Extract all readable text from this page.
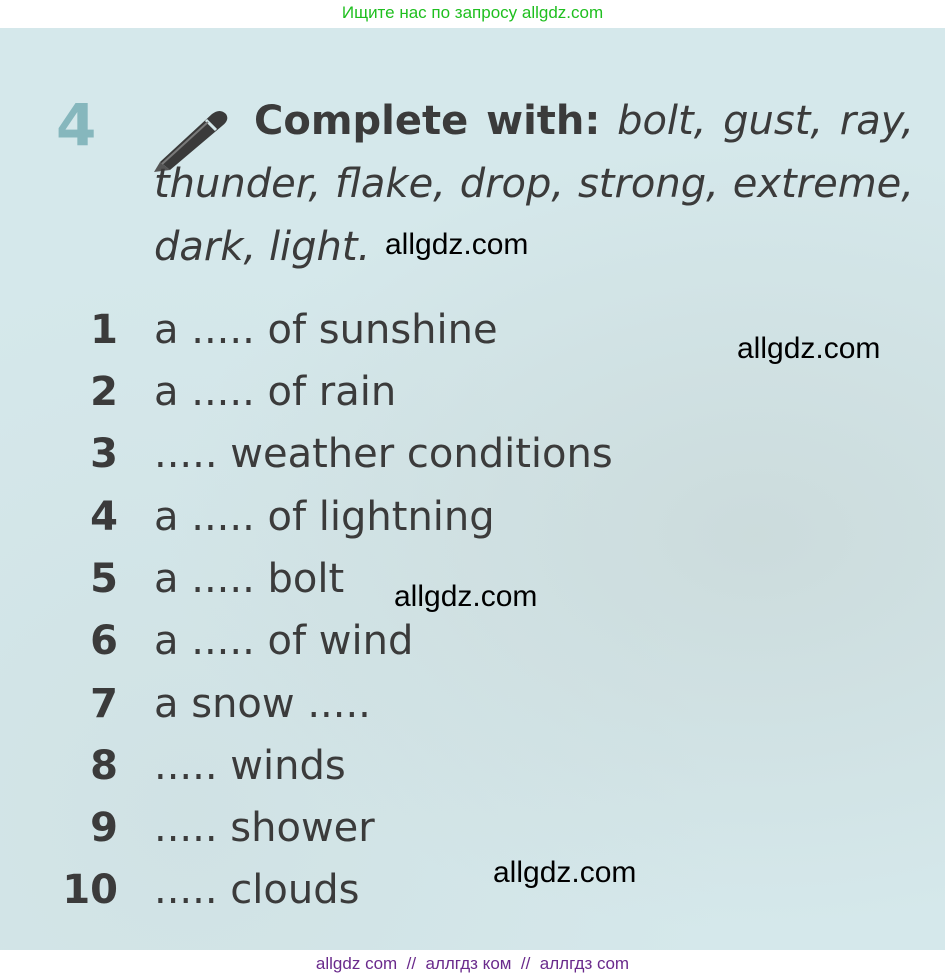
Ищите нас по запросу allgdz.com
4	Complete with: bolt, gust, ray, thunder, flake, drop, strong, extreme, dark, light.
1 a ..... of sunshine
2 a ..... of rain
3 ..... weather conditions
4 a ..... of lightning
5 a ..... bolt
6 a ..... of wind
7 a snow .....
8 ..... winds
9 ..... shower
10 ..... clouds
allgdz.com
allgdz.com
allgdz.com
allgdz.com
allgdz com  //  аллгдз ком  //  аллгдз com
